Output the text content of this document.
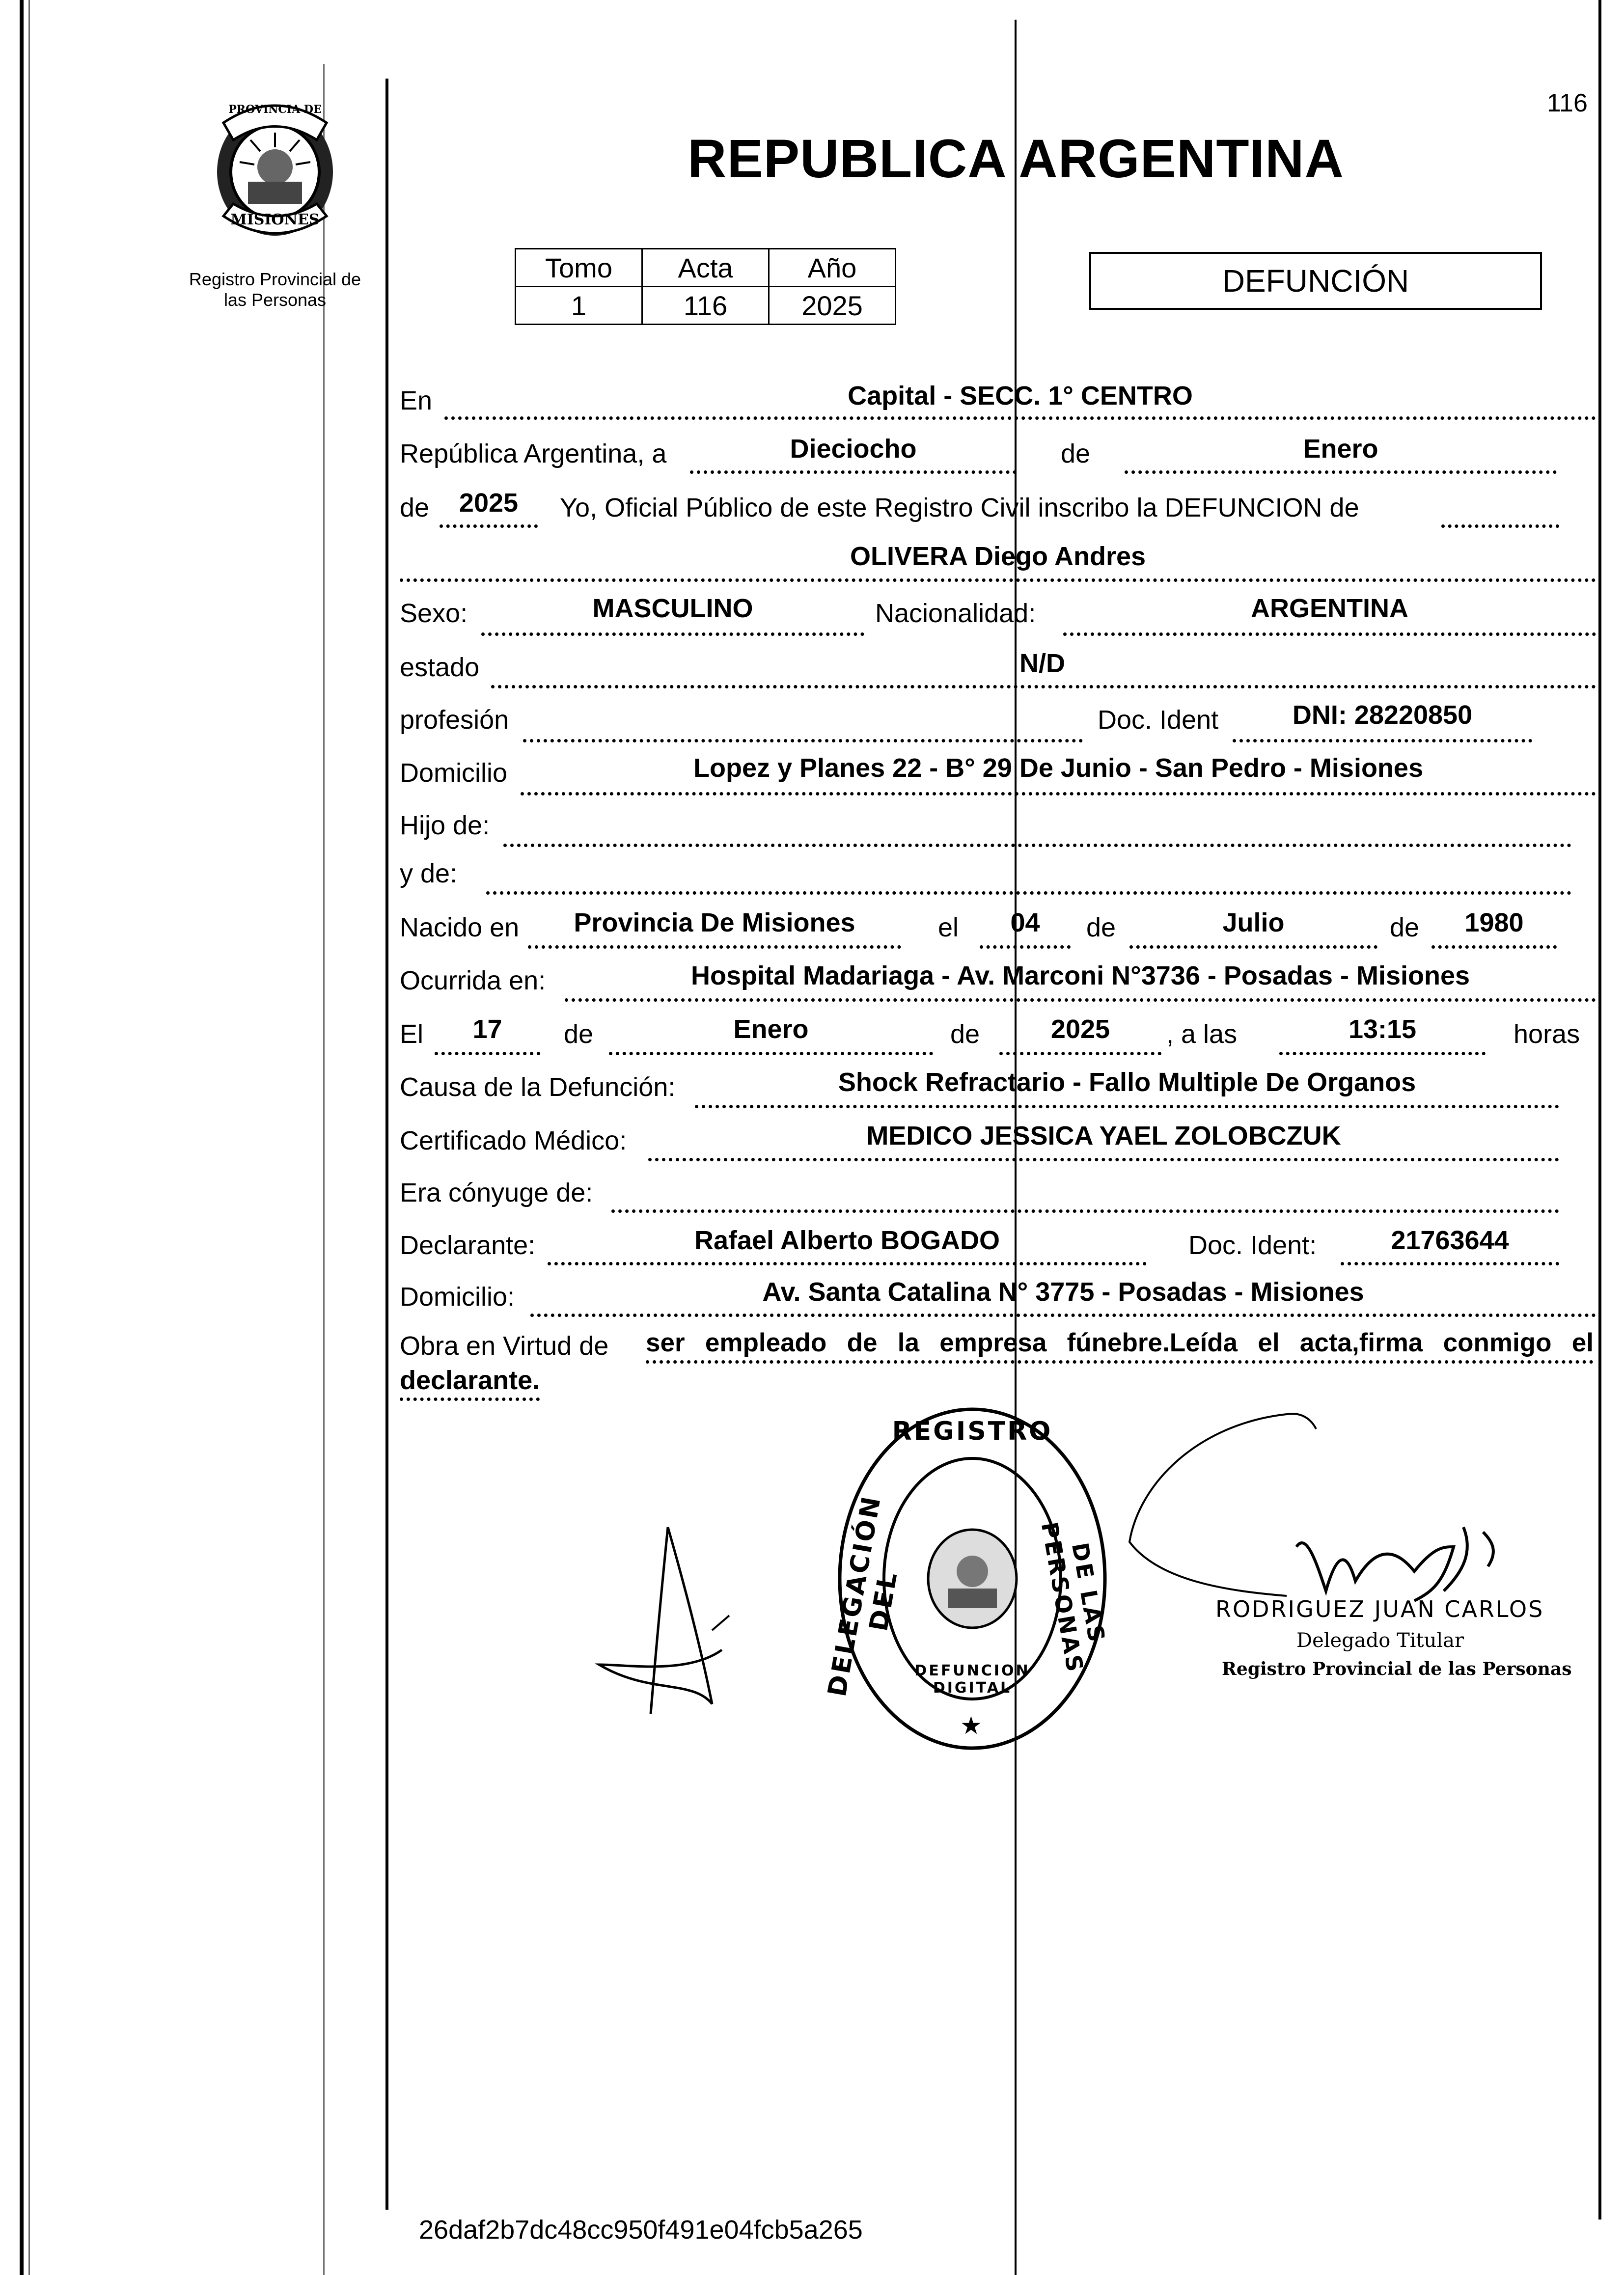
116
PROVINCIA DE
MISIONES
Registro Provincial de
las Personas
REPUBLICA ARGENTINA
Tomo	Acta	Año
1	116	2025
DEFUNCIÓN
En	Capital - SECC. 1° CENTRO
República Argentina, a	Dieciocho	de	Enero
de	2025	Yo, Oficial Público de este Registro Civil inscribo la DEFUNCION de
OLIVERA Diego Andres
Sexo:	MASCULINO	Nacionalidad:	ARGENTINA
estado	N/D
profesión	Doc. Ident	DNI: 28220850
Domicilio	Lopez y Planes 22 - B° 29 De Junio - San Pedro - Misiones
Hijo de:
y de:
Nacido en	Provincia De Misiones	el	04	de	Julio	de	1980
Ocurrida en:	Hospital Madariaga - Av. Marconi N°3736 - Posadas - Misiones
El	17	de	Enero	de	2025	, a las	13:15	horas
Causa de la Defunción:	Shock Refractario - Fallo Multiple De Organos
Certificado Médico:	MEDICO JESSICA YAEL ZOLOBCZUK
Era cónyuge de:
Declarante:	Rafael Alberto BOGADO	Doc. Ident:	21763644
Domicilio:	Av. Santa Catalina N° 3775 - Posadas - Misiones
Obra en Virtud de ser empleado de la empresa fúnebre.Leída el acta,firma conmigo el
declarante.
REGISTRO
DELEGACIÓN DEL	DE LAS PERSONAS
DEFUNCION DIGITAL
★
RODRIGUEZ JUAN CARLOS
Delegado Titular
Registro Provincial de las Personas
26daf2b7dc48cc950f491e04fcb5a265
